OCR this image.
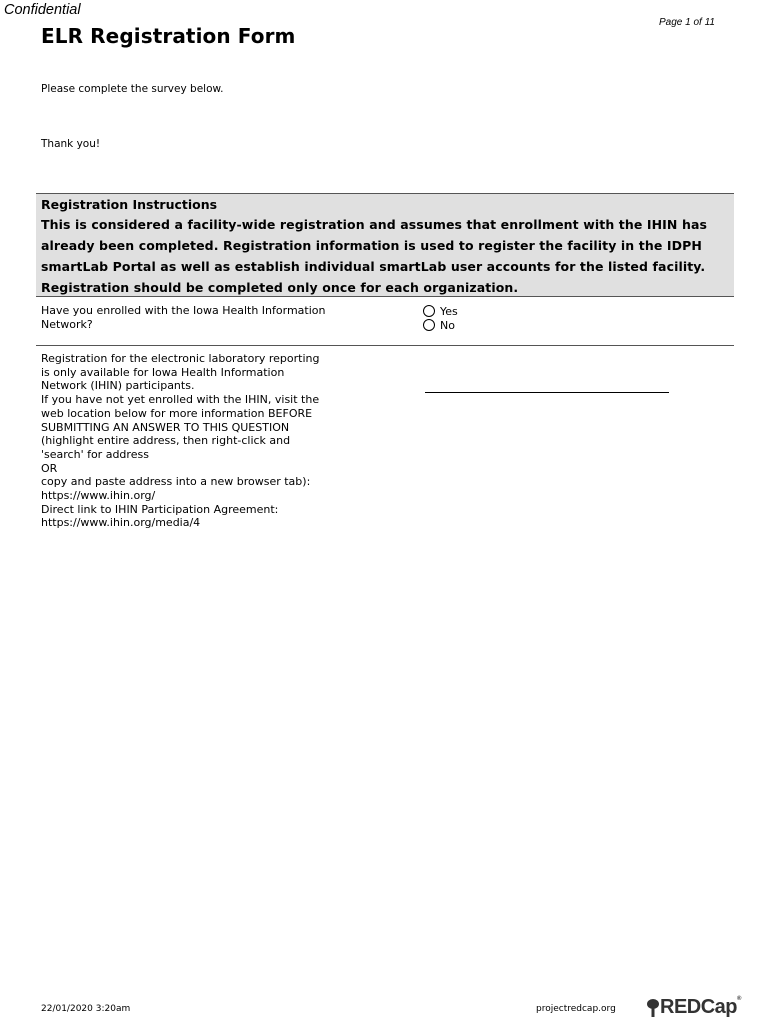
Confidential
Page 1 of 11
ELR Registration Form
Please complete the survey below.
Thank you!
Registration Instructions
This is considered a facility-wide registration and assumes that enrollment with the IHIN has already been completed. Registration information is used to register the facility in the IDPH smartLab Portal as well as establish individual smartLab user accounts for the listed facility. Registration should be completed only once for each organization.
Have you enrolled with the Iowa Health Information
Network?
Yes
No
Registration for the electronic laboratory reporting
is only available for Iowa Health Information
Network (IHIN) participants.
If you have not yet enrolled with the IHIN, visit the
web location below for more information BEFORE
SUBMITTING AN ANSWER TO THIS QUESTION
(highlight entire address, then right-click and
'search' for address
OR
copy and paste address into a new browser tab):
https://www.ihin.org/
Direct link to IHIN Participation Agreement:
https://www.ihin.org/media/4
22/01/2020 3:20am	projectredcap.org REDCap®
